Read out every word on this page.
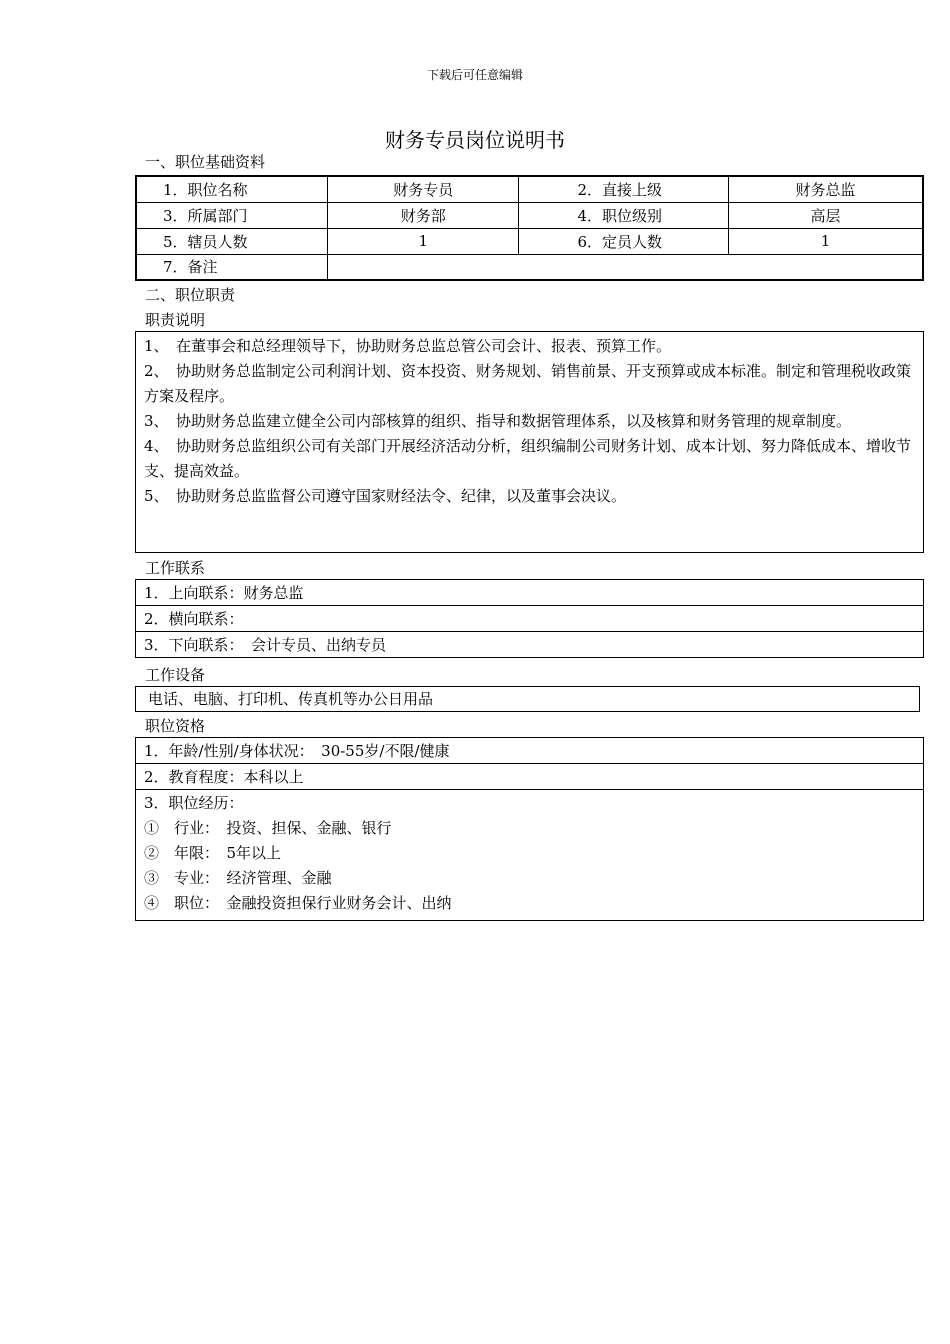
下载后可任意编辑
财务专员岗位说明书
一、职位基础资料
1．职位名称	财务专员	2．直接上级	财务总监
3．所属部门	财务部	4．职位级别	高层
5．辖员人数	1	6．定员人数	1
7．备注			
二、职位职责
职责说明

1、　在董事会和总经理领导下，协助财务总监总管公司会计、报表、预算工作。

2、　协助财务总监制定公司利润计划、资本投资、财务规划、销售前景、开支预算或成本标准。制定和管理税收政策方案及程序。

3、　协助财务总监建立健全公司内部核算的组织、指导和数据管理体系，以及核算和财务管理的规章制度。

4、　协助财务总监组织公司有关部门开展经济活动分析，组织编制公司财务计划、成本计划、努力降低成本、增收节支、提高效益。

5、　协助财务总监监督公司遵守国家财经法令、纪律，以及董事会决议。

工作联系
1．上向联系：财务总监
2．横向联系：
3．下向联系：　会计专员、出纳专员
工作设备
电话、电脑、打印机、传真机等办公日用品
职位资格
1．年龄/性别/身体状况：　30-55岁/不限/健康
2．教育程度：本科以上

3．职位经历：

①　行业：　投资、担保、金融、银行

②　年限：　5年以上

③　专业：　经济管理、金融

④　职位：　金融投资担保行业财务会计、出纳
